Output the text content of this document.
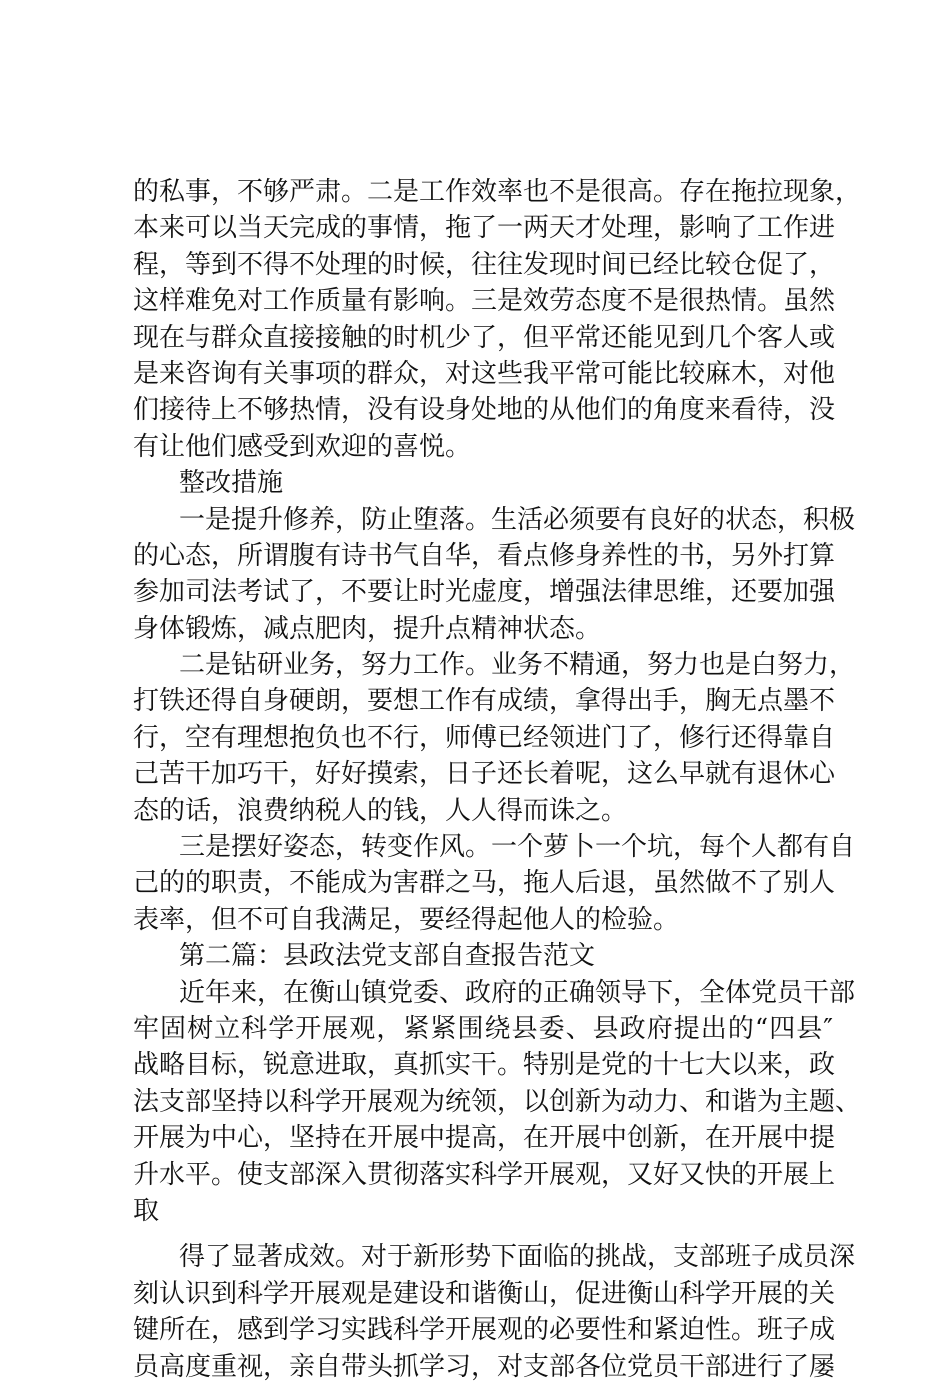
的私事，不够严肃。二是工作效率也不是很高。存在拖拉现象，
本来可以当天完成的事情，拖了一两天才处理，影响了工作进
程，等到不得不处理的时候，往往发现时间已经比较仓促了，
这样难免对工作质量有影响。三是效劳态度不是很热情。虽然
现在与群众直接接触的时机少了，但平常还能见到几个客人或
是来咨询有关事项的群众，对这些我平常可能比较麻木，对他
们接待上不够热情，没有设身处地的从他们的角度来看待，没
有让他们感受到欢迎的喜悦。
整改措施
一是提升修养，防止堕落。生活必须要有良好的状态，积极
的心态，所谓腹有诗书气自华，看点修身养性的书，另外打算
参加司法考试了，不要让时光虚度，增强法律思维，还要加强
身体锻炼，减点肥肉，提升点精神状态。
二是钻研业务，努力工作。业务不精通，努力也是白努力，
打铁还得自身硬朗，要想工作有成绩，拿得出手，胸无点墨不
行，空有理想抱负也不行，师傅已经领进门了，修行还得靠自
己苦干加巧干，好好摸索，日子还长着呢，这么早就有退休心
态的话，浪费纳税人的钱，人人得而诛之。
三是摆好姿态，转变作风。一个萝卜一个坑，每个人都有自
己的的职责，不能成为害群之马，拖人后退，虽然做不了别人
表率，但不可自我满足，要经得起他人的检验。
第二篇：县政法党支部自查报告范文
近年来，在衡山镇党委、政府的正确领导下，全体党员干部
牢固树立科学开展观，紧紧围绕县委、县政府提出的“四县″
战略目标，锐意进取，真抓实干。特别是党的十七大以来，政
法支部坚持以科学开展观为统领，以创新为动力、和谐为主题、
开展为中心，坚持在开展中提高，在开展中创新，在开展中提
升水平。使支部深入贯彻落实科学开展观，又好又快的开展上
取
得了显著成效。对于新形势下面临的挑战，支部班子成员深
刻认识到科学开展观是建设和谐衡山，促进衡山科学开展的关
键所在，感到学习实践科学开展观的必要性和紧迫性。班子成
员高度重视，亲自带头抓学习，对支部各位党员干部进行了屡
